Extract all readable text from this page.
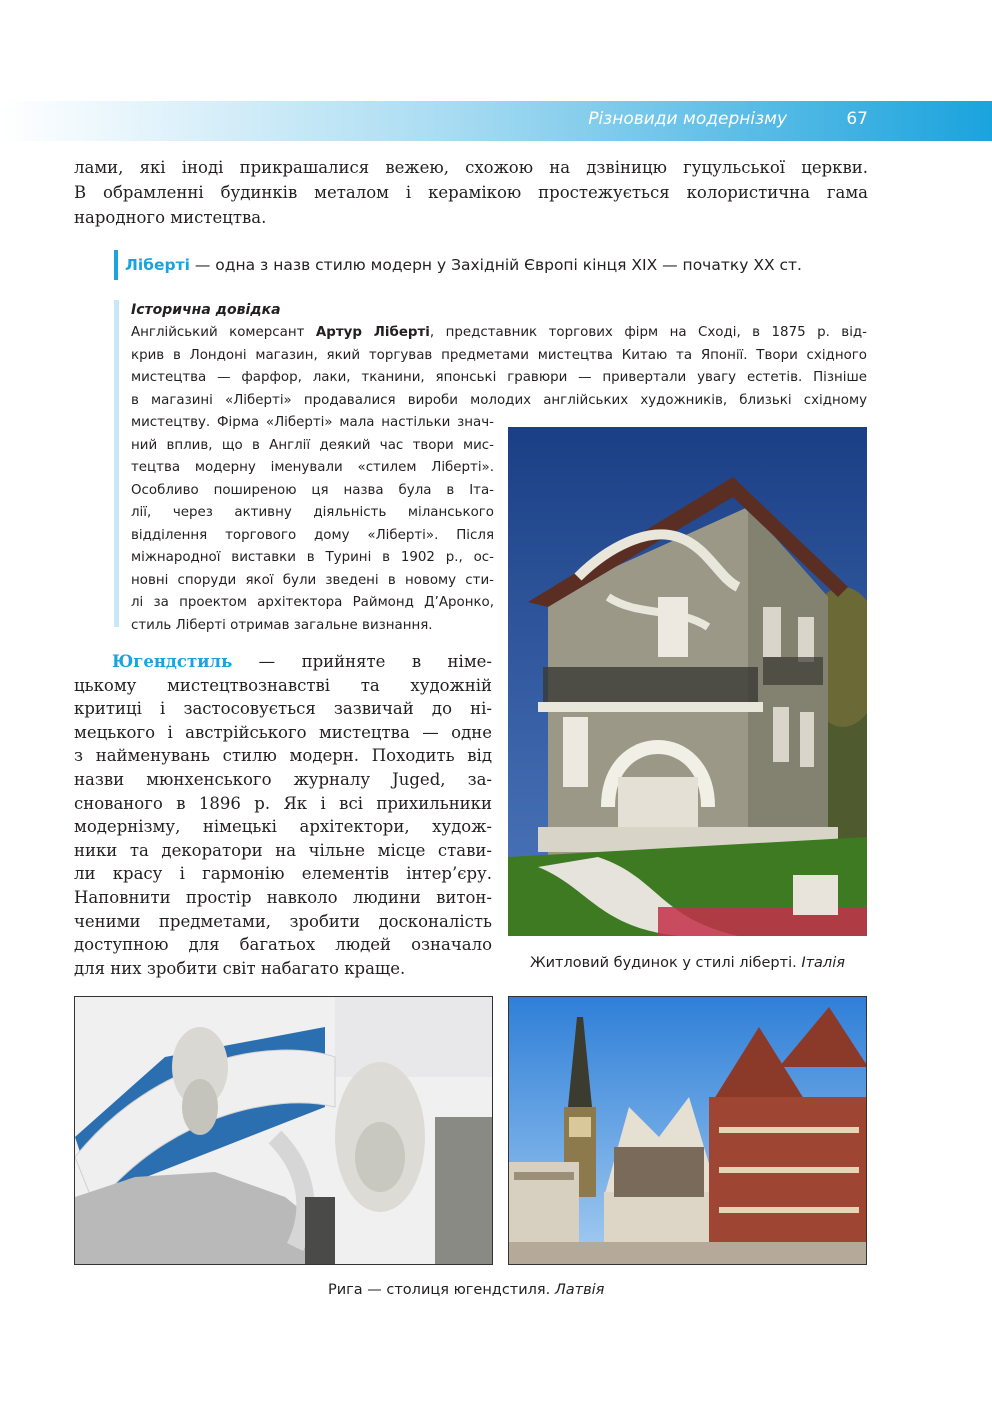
Різновиди модернізму	67
лами, які іноді прикрашалися вежею, схожою на дзвіницю гуцульської церкви.
В обрамленні будинків металом і керамікою простежується колористична гама
народного мистецтва.
Ліберті — одна з назв стилю модерн у Західній Європі кінця XIX — початку XX ст.
Історична довідка
Англійський комерсант Артур Ліберті, представник торгових фірм на Сході, в 1875 р. від-
крив в Лондоні магазин, який торгував предметами мистецтва Китаю та Японії. Твори східного
мистецтва — фарфор, лаки, тканини, японські гравюри — привертали увагу естетів. Пізніше
в магазині «Ліберті» продавалися вироби молодих англійських художників, близькі східному
мистецтву. Фірма «Ліберті» мала настільки знач-
ний вплив, що в Англії деякий час твори мис-
тецтва модерну іменували «стилем Ліберті».
Особливо поширеною ця назва була в Іта-
лії, через активну діяльність міланського
відділення торгового дому «Ліберті». Після
міжнародної виставки в Турині в 1902 р., ос-
новні споруди якої були зведені в новому сти-
лі за проектом архітектора Раймонд Д’Аронко,
стиль Ліберті отримав загальне визнання.
Югендстиль — прийняте в німе-
цькому мистецтвознавстві та художній
критиці і застосовується зазвичай до ні-
мецького і австрійського мистецтва — одне
з найменувань стилю модерн. Походить від
назви мюнхенського журналу Juged, за-
снованого в 1896 р. Як і всі прихильники
модернізму, німецькі архітектори, худож-
ники та декоратори на чільне місце стави-
ли красу і гармонію елементів інтер’єру.
Наповнити простір навколо людини витон-
ченими предметами, зробити досконалість
доступною для багатьох людей означало
для них зробити світ набагато краще.	Житловий будинок у стилі ліберті. Італія
Рига — столиця югендстиля. Латвія
